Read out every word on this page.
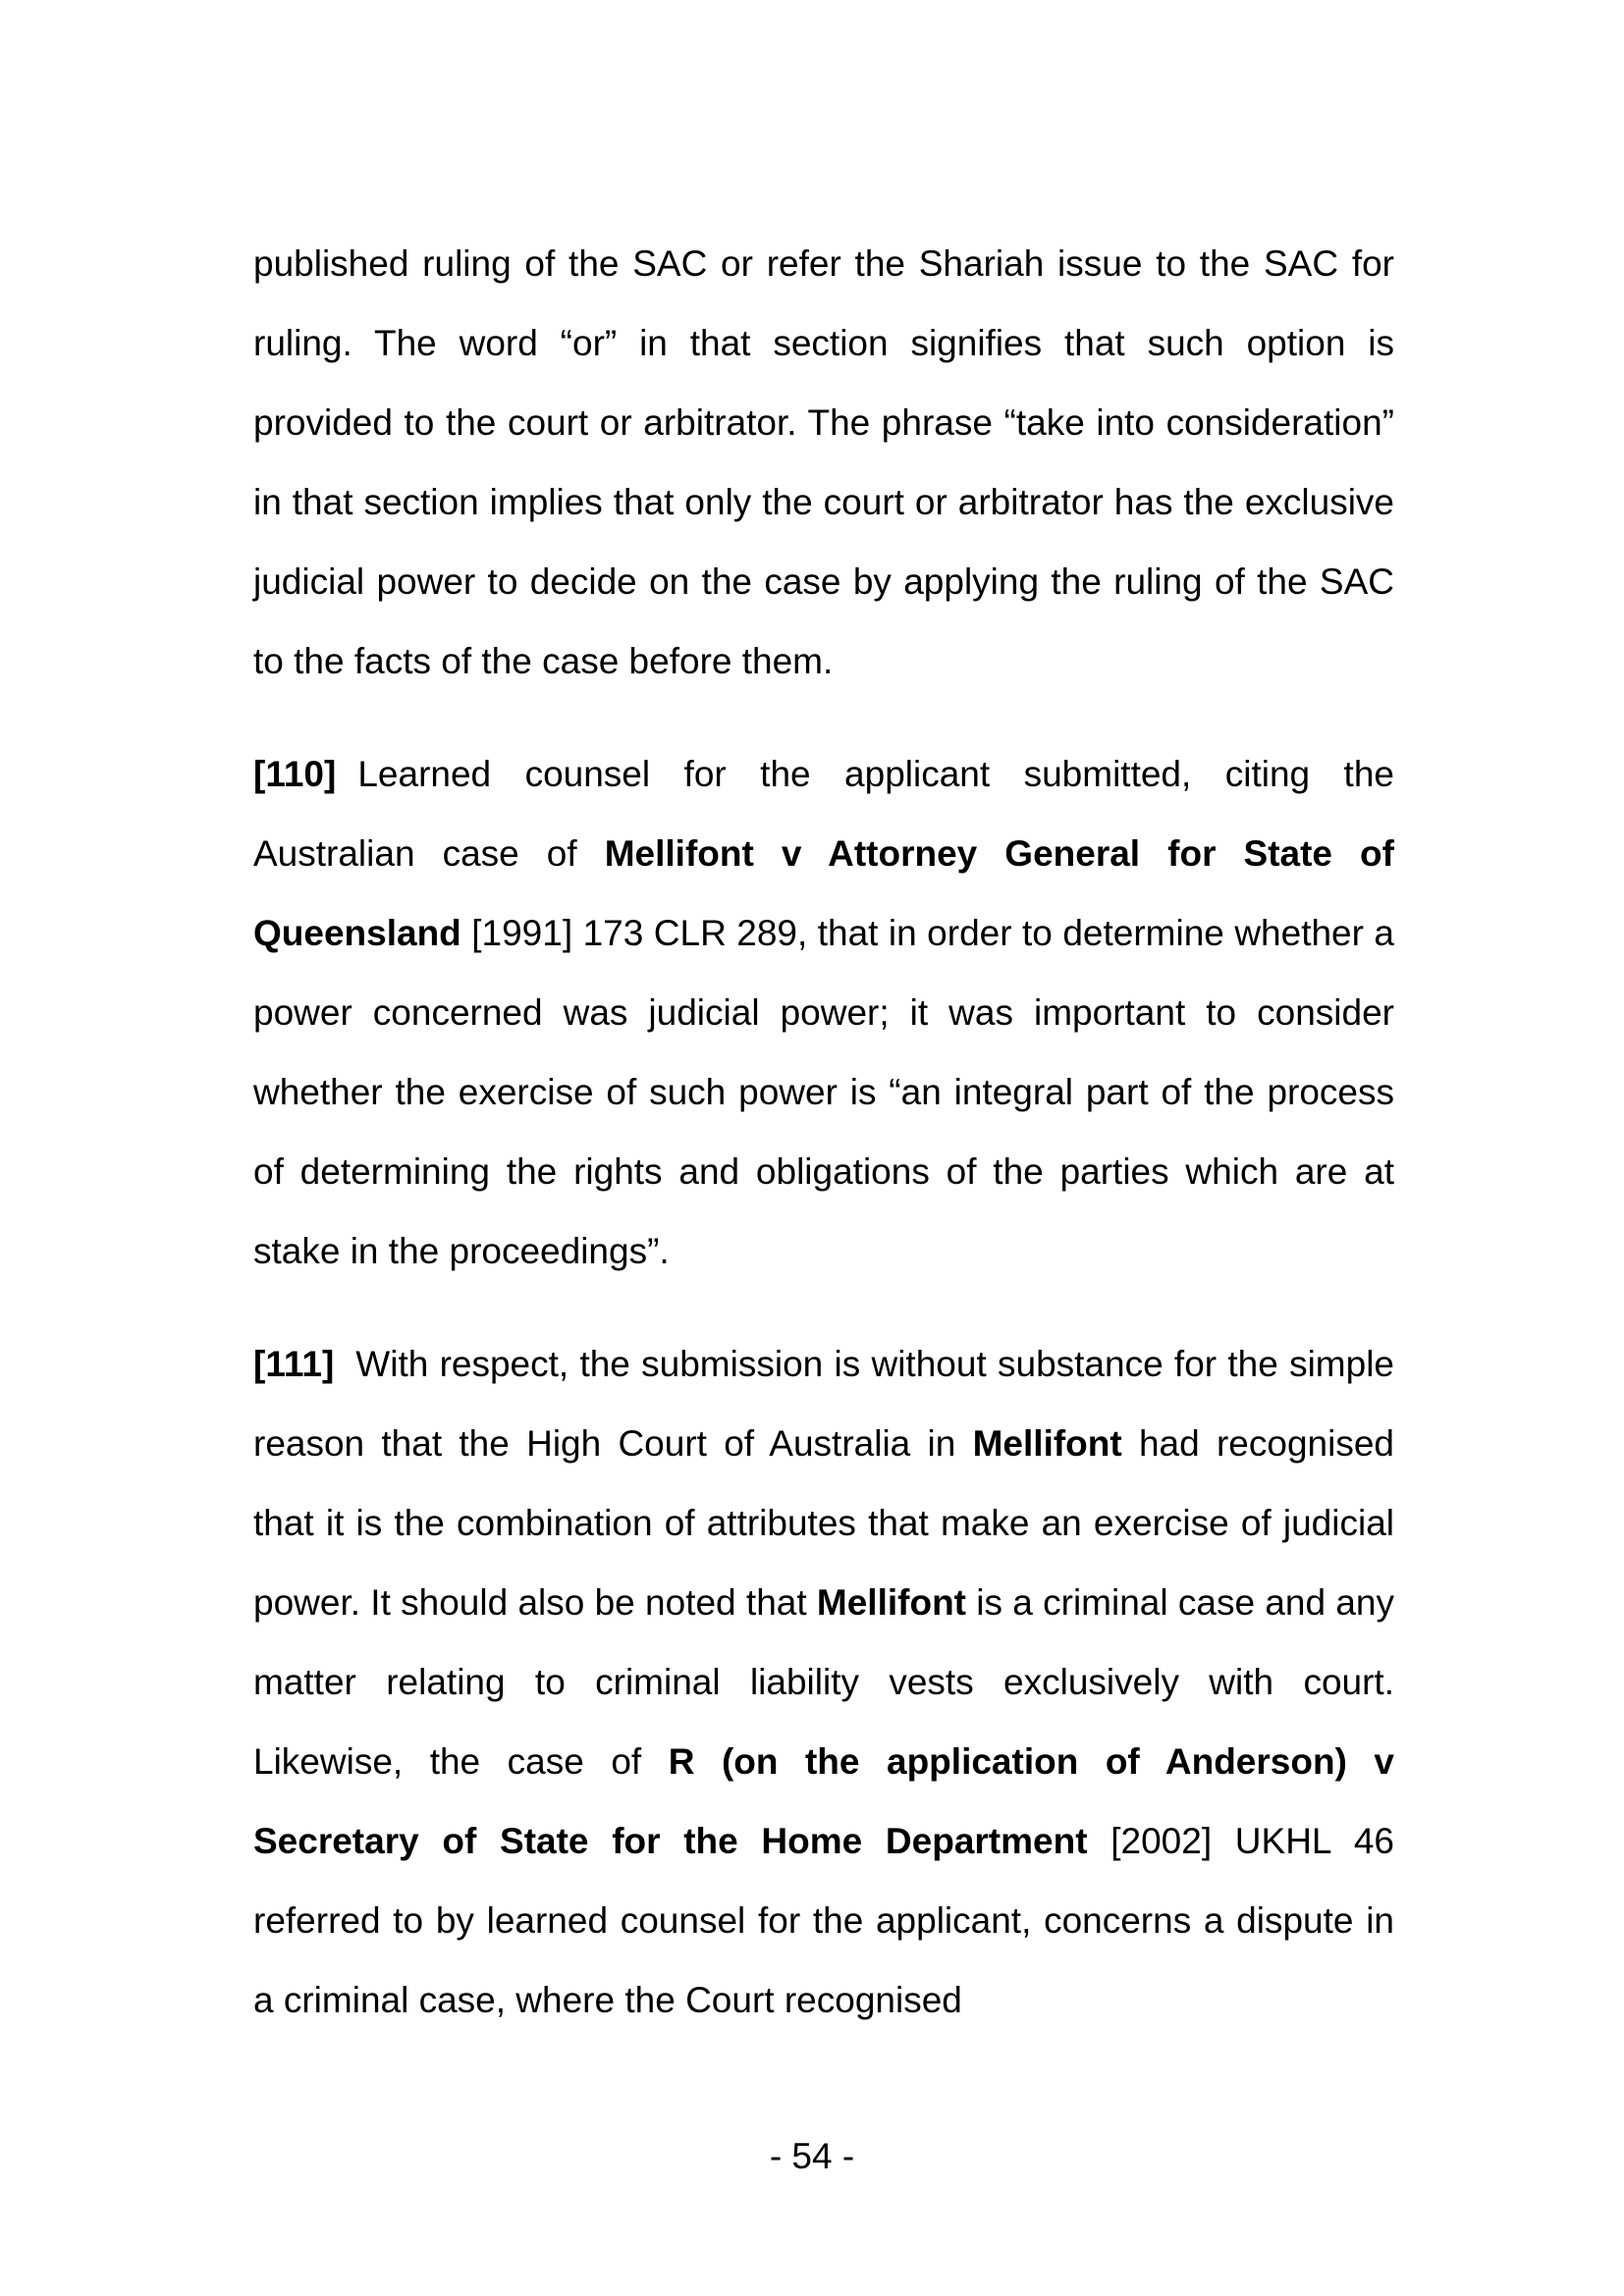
published ruling of the SAC or refer the Shariah issue to the SAC for ruling. The word “or” in that section signifies that such option is provided to the court or arbitrator. The phrase “take into consideration” in that section implies that only the court or arbitrator has the exclusive judicial power to decide on the case by applying the ruling of the SAC to the facts of the case before them.

[110] Learned counsel for the applicant submitted, citing the Australian case of Mellifont v Attorney General for State of Queensland [1991] 173 CLR 289, that in order to determine whether a power concerned was judicial power; it was important to consider whether the exercise of such power is “an integral part of the process of determining the rights and obligations of the parties which are at stake in the proceedings”.

[111] With respect, the submission is without substance for the simple reason that the High Court of Australia in Mellifont had recognised that it is the combination of attributes that make an exercise of judicial power. It should also be noted that Mellifont is a criminal case and any matter relating to criminal liability vests exclusively with court. Likewise, the case of R (on the application of Anderson) v Secretary of State for the Home Department [2002] UKHL 46 referred to by learned counsel for the applicant, concerns a dispute in a criminal case, where the Court recognised

- 54 -
